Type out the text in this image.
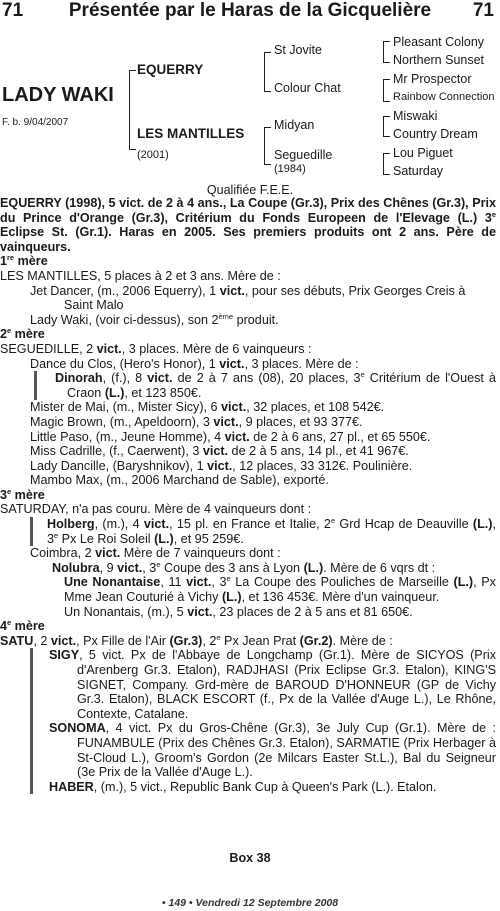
Présentée par le Haras de la Gicquelière
71	71
LADY WAKI
F. b. 9/04/2007
EQUERRY
LES MANTILLES
(2001)
St Jovite
Colour Chat
Midyan
Seguedille
(1984)
Pleasant Colony
Northern Sunset
Mr Prospector
Rainbow Connection
Miswaki
Country Dream
Lou Piguet
Saturday
Qualifiée F.E.E.

EQUERRY (1998), 5 vict. de 2 à 4 ans., La Coupe (Gr.3), Prix des Chênes (Gr.3), Prix du Prince d'Orange (Gr.3), Critérium du Fonds Europeen de l'Elevage (L.) 3e Eclipse St. (Gr.1). Haras en 2005. Ses premiers produits ont 2 ans. Père de vainqueurs.

1re mère

LES MANTILLES, 5 places à 2 et 3 ans. Mère de :

Jet Dancer, (m., 2006 Equerry), 1 vict., pour ses débuts, Prix Georges Creis à Saint Malo

Lady Waki, (voir ci-dessus), son 2ème produit.

2e mère

SEGUEDILLE, 2 vict., 3 places. Mère de 6 vainqueurs :

Dance du Clos, (Hero's Honor), 1 vict., 3 places. Mère de :

Dinorah, (f.), 8 vict. de 2 à 7 ans (08), 20 places, 3e Critérium de l'Ouest à Craon (L.), et 123 850€.

Mister de Mai, (m., Mister Sicy), 6 vict., 32 places, et 108 542€.

Magic Brown, (m., Apeldoorn), 3 vict., 9 places, et 93 377€.

Little Paso, (m., Jeune Homme), 4 vict. de 2 à 6 ans, 27 pl., et 65 550€.

Miss Cadrille, (f., Caerwent), 3 vict. de 2 à 5 ans, 14 pl., et 41 967€.

Lady Dancille, (Baryshnikov), 1 vict., 12 places, 33 312€. Poulinière.

Mambo Max, (m., 2006 Marchand de Sable), exporté.

3e mère

SATURDAY, n'a pas couru. Mère de 4 vainqueurs dont :

Holberg, (m.), 4 vict., 15 pl. en France et Italie, 2e Grd Hcap de Deauville (L.), 3e Px Le Roi Soleil (L.), et 95 259€.

Coimbra, 2 vict. Mère de 7 vainqueurs dont :

Nolubra, 9 vict., 3e Coupe des 3 ans à Lyon (L.). Mère de 6 vqrs dt :

Une Nonantaise, 11 vict., 3e La Coupe des Pouliches de Marseille (L.), Px Mme Jean Couturié à Vichy (L.), et 136 453€. Mère d'un vainqueur.

Un Nonantais, (m.), 5 vict., 23 places de 2 à 5 ans et 81 650€.

4e mère

SATU, 2 vict., Px Fille de l'Air (Gr.3), 2e Px Jean Prat (Gr.2). Mère de :

SIGY, 5 vict. Px de l'Abbaye de Longchamp (Gr.1). Mère de SICYOS (Prix d'Arenberg Gr.3. Etalon), RADJHASI (Prix Eclipse Gr.3. Etalon), KING'S SIGNET, Company. Grd-mère de BAROUD D'HONNEUR (GP de Vichy Gr.3. Etalon), BLACK ESCORT (f., Px de la Vallée d'Auge L.), Le Rhône, Contexte, Catalane.

SONOMA, 4 vict. Px du Gros-Chêne (Gr.3), 3e July Cup (Gr.1). Mère de : FUNAMBULE (Prix des Chênes Gr.3. Etalon), SARMATIE (Prix Herbager à St-Cloud L.), Groom's Gordon (2e Milcars Easter St.L.), Bal du Seigneur (3e Prix de la Vallée d'Auge L.).

HABER, (m.), 5 vict., Republic Bank Cup à Queen's Park (L.). Etalon.

Box 38
• 149 • Vendredi 12 Septembre 2008
